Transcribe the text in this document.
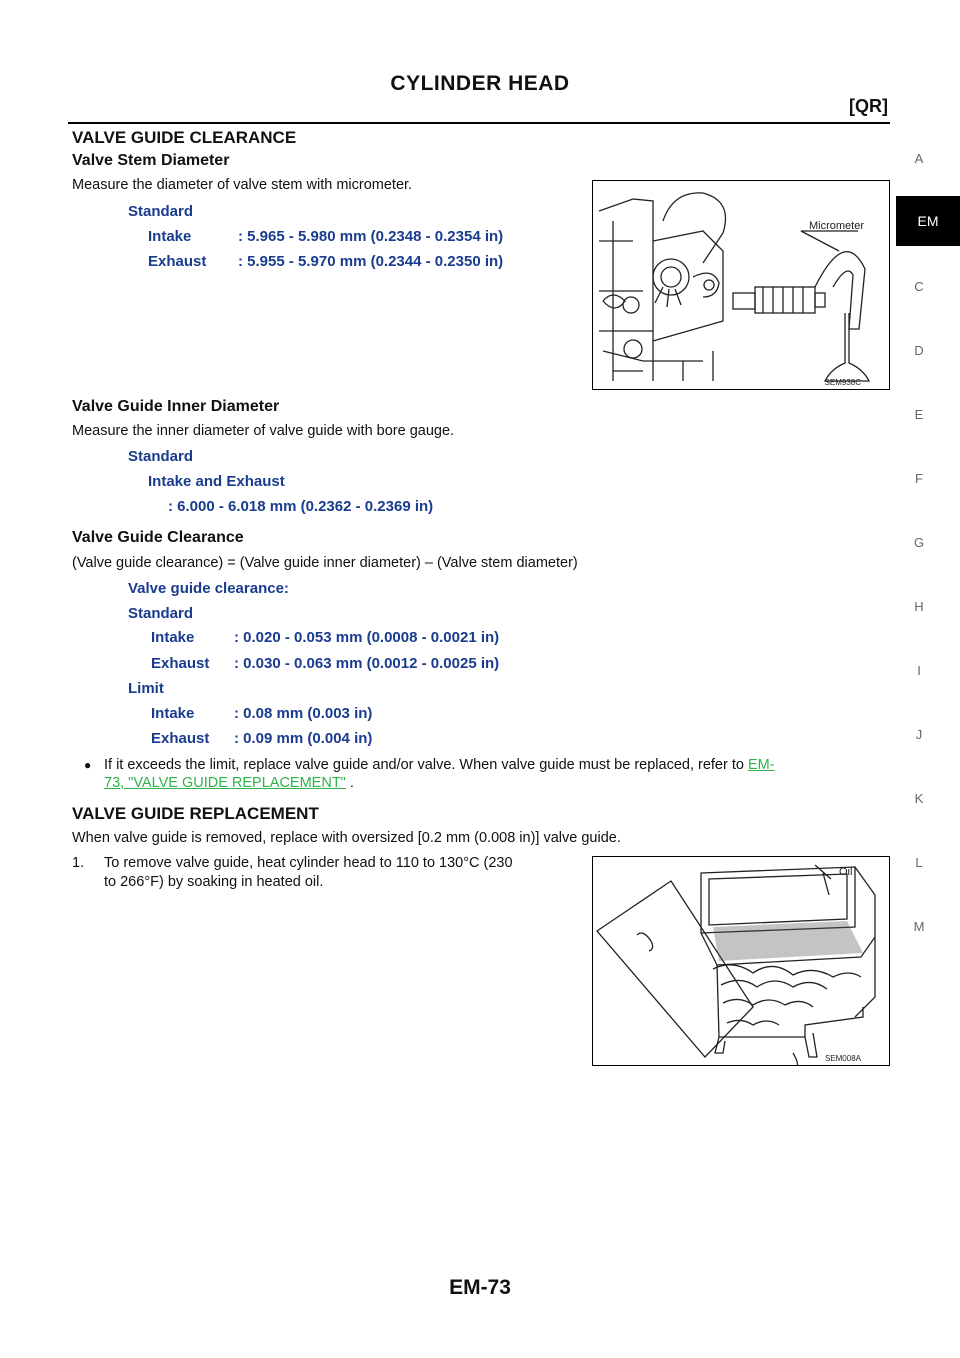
CYLINDER HEAD
[QR]
A
EM
C
D
E
F
G
H
I
J
K
L
M
VALVE GUIDE CLEARANCE
Valve Stem Diameter
Measure the diameter of valve stem with micrometer.
Standard
Intake	: 5.965 - 5.980 mm (0.2348 - 0.2354 in)
Exhaust : 5.955 - 5.970 mm (0.2344 - 0.2350 in)
Micrometer
SEM938C
Valve Guide Inner Diameter
Measure the inner diameter of valve guide with bore gauge.
Standard
Intake and Exhaust
: 6.000 - 6.018 mm (0.2362 - 0.2369 in)
Valve Guide Clearance
(Valve guide clearance) = (Valve guide inner diameter) – (Valve stem diameter)
Valve guide clearance:
Standard
Intake	: 0.020 - 0.053 mm (0.0008 - 0.0021 in)
Exhaust : 0.030 - 0.063 mm (0.0012 - 0.0025 in)
Limit
Intake	: 0.08 mm (0.003 in)
Exhaust : 0.09 mm (0.004 in)
● If it exceeds the limit, replace valve guide and/or valve. When valve guide must be replaced, refer to EM-
73, "VALVE GUIDE REPLACEMENT" .
VALVE GUIDE REPLACEMENT
When valve guide is removed, replace with oversized [0.2 mm (0.008 in)] valve guide.
1. To remove valve guide, heat cylinder head to 110 to 130°C (230
to 266°F) by soaking in heated oil.
Oil
SEM008A
EM-73
